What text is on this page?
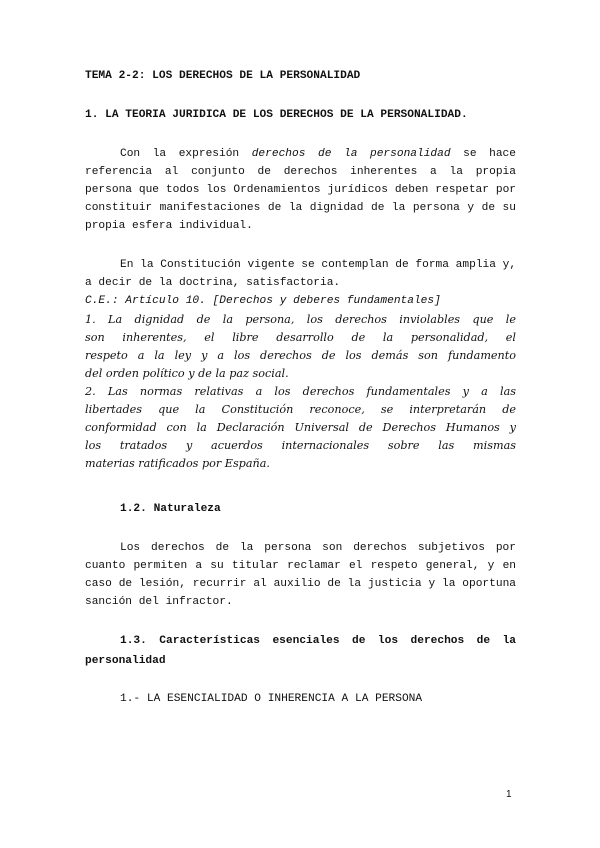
TEMA 2-2: LOS DERECHOS DE LA PERSONALIDAD
1. LA TEORIA JURIDICA DE LOS DERECHOS DE LA PERSONALIDAD.
Con la expresión derechos de la personalidad se hace
referencia al conjunto de derechos inherentes a la propia
persona que todos los Ordenamientos jurídicos deben respetar por
constituir manifestaciones de la dignidad de la persona y de su
propia esfera individual.
En la Constitución vigente se contemplan de forma amplia y,
a decir de la doctrina, satisfactoria.
C.E.: Artículo 10. [Derechos y deberes fundamentales]
1. La dignidad de la persona, los derechos inviolables que le
son inherentes, el libre desarrollo de la personalidad, el
respeto a la ley y a los derechos de los demás son fundamento
del orden político y de la paz social.
2. Las normas relativas a los derechos fundamentales y a las
libertades que la Constitución reconoce, se interpretarán de
conformidad con la Declaración Universal de Derechos Humanos y
los tratados y acuerdos internacionales sobre las mismas
materias ratificados por España.
1.2. Naturaleza
Los derechos de la persona son derechos subjetivos por
cuanto permiten a su titular reclamar el respeto general, y en
caso de lesión, recurrir al auxilio de la justicia y la oportuna
sanción del infractor.
1.3. Características esenciales de los derechos de la
personalidad
1.- LA ESENCIALIDAD O INHERENCIA A LA PERSONA
1
